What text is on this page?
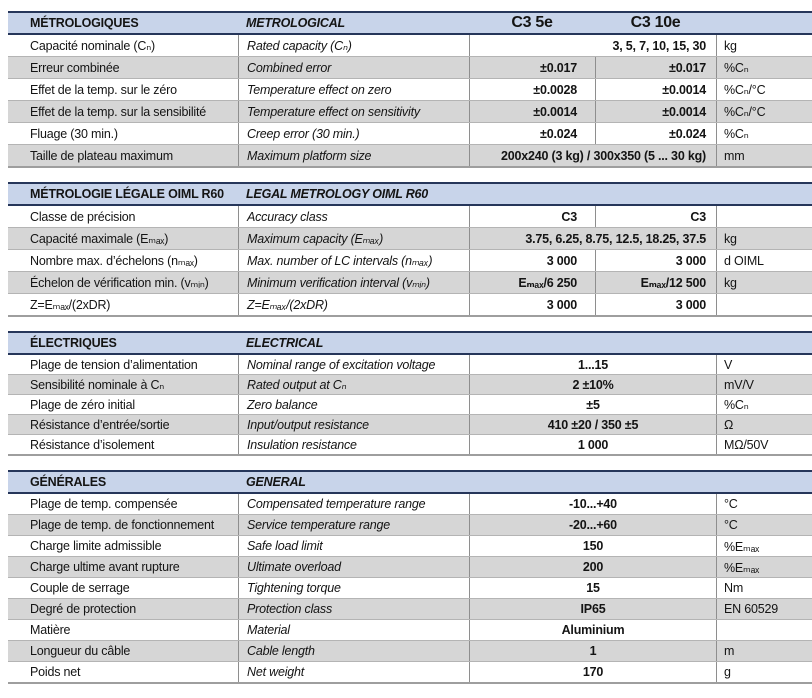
MÉTROLOGIQUES	METROLOGICAL	C3 5e	C3 10e
Capacité nominale (Cₙ)	Rated capacity (Cₙ)	3, 5, 7, 10, 15, 30	kg
Erreur combinée	Combined error	±0.017	±0.017	%Cₙ
Effet de la temp. sur le zéro	Temperature effect on zero	±0.0028	±0.0014	%Cₙ/°C
Effet de la temp. sur la sensibilité	Temperature effect on sensitivity	±0.0014	±0.0014	%Cₙ/°C
Fluage (30 min.)	Creep error (30 min.)	±0.024	±0.024	%Cₙ
Taille de plateau maximum	Maximum platform size	200x240 (3 kg) / 300x350 (5 ... 30 kg)	mm
MÉTROLOGIE LÉGALE OIML R60	LEGAL METROLOGY OIML R60
Classe de précision	Accuracy class	C3	C3
Capacité maximale (Eₘₐₓ)	Maximum capacity (Eₘₐₓ)	3.75, 6.25, 8.75, 12.5, 18.25, 37.5	kg
Nombre max. d’échelons (nₘₐₓ)	Max. number of LC intervals (nₘₐₓ)	3 000	3 000	d OIML
Échelon de vérification min. (vₘᵢₙ)	Minimum verification interval (vₘᵢₙ)	Eₘₐₓ/6 250	Eₘₐₓ/12 500	kg
Z=Eₘₐₓ/(2xDR)	Z=Eₘₐₓ/(2xDR)	3 000	3 000
ÉLECTRIQUES	ELECTRICAL
Plage de tension d’alimentation	Nominal range of excitation voltage	1...15	V
Sensibilité nominale à Cₙ	Rated output at Cₙ	2 ±10%	mV/V
Plage de zéro initial	Zero balance	±5	%Cₙ
Résistance d’entrée/sortie	Input/output resistance	410 ±20 / 350 ±5	Ω
Résistance d’isolement	Insulation resistance	1 000	MΩ/50V
GÉNÉRALES	GENERAL
Plage de temp. compensée	Compensated temperature range	-10...+40	°C
Plage de temp. de fonctionnement	Service temperature range	-20...+60	°C
Charge limite admissible	Safe load limit	150	%Eₘₐₓ
Charge ultime avant rupture	Ultimate overload	200	%Eₘₐₓ
Couple de serrage	Tightening torque	15	Nm
Degré de protection	Protection class	IP65	EN 60529
Matière	Material	Aluminium
Longueur du câble	Cable length	1	m
Poids net	Net weight	170	g
